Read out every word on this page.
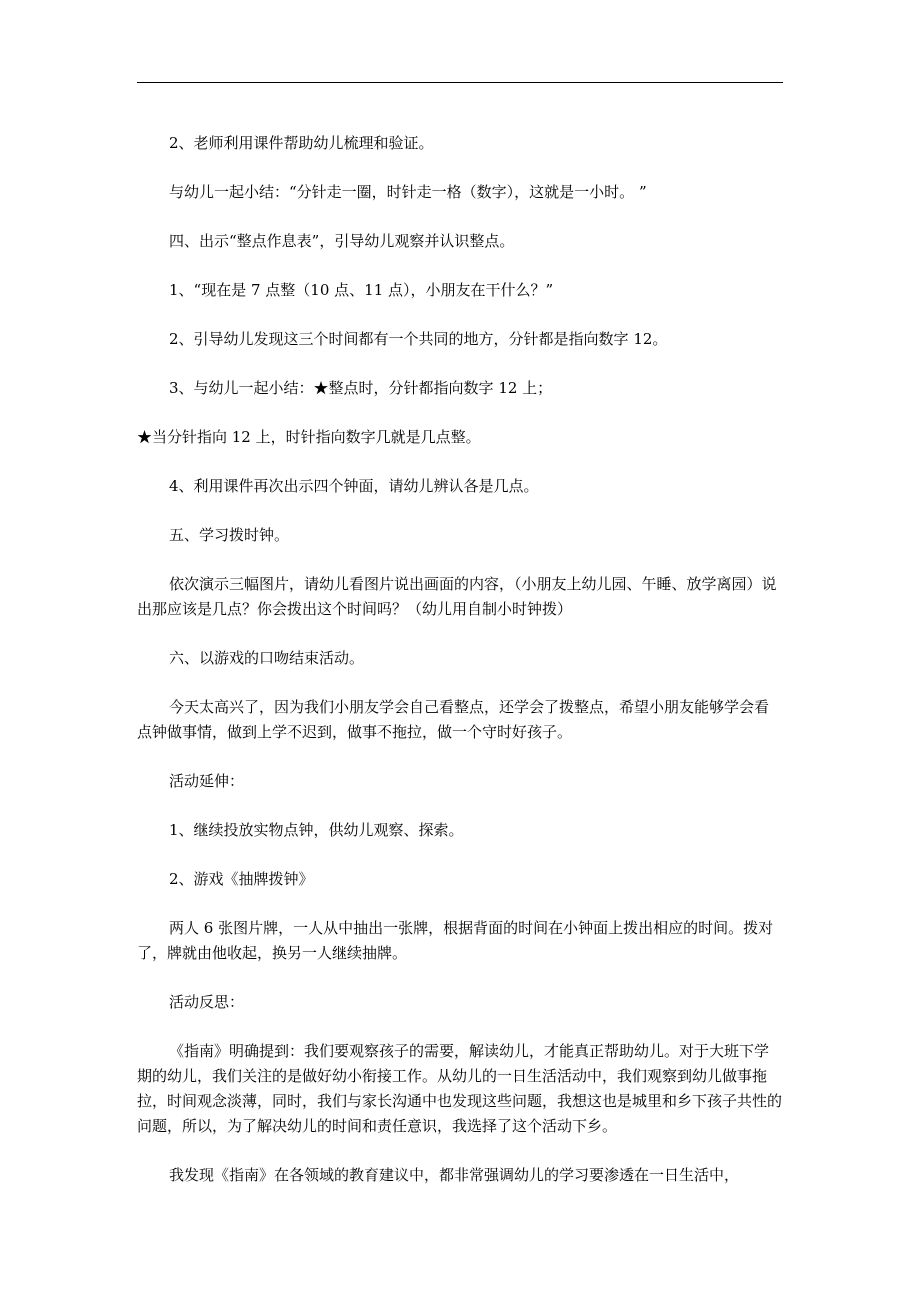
2、老师利用课件帮助幼儿梳理和验证。

与幼儿一起小结：“分针走一圈，时针走一格（数字），这就是一小时。 ”

四、出示“整点作息表”，引导幼儿观察并认识整点。

1、“现在是 7 点整（10 点、11 点），小朋友在干什么？”

2、引导幼儿发现这三个时间都有一个共同的地方，分针都是指向数字 12。

3、与幼儿一起小结：★整点时，分针都指向数字 12 上；

★当分针指向 12 上，时针指向数字几就是几点整。

4、利用课件再次出示四个钟面，请幼儿辨认各是几点。

五、学习拨时钟。

依次演示三幅图片，请幼儿看图片说出画面的内容，（小朋友上幼儿园、午睡、放学离园）说出那应该是几点？你会拨出这个时间吗？（幼儿用自制小时钟拨）

六、以游戏的口吻结束活动。

今天太高兴了，因为我们小朋友学会自己看整点，还学会了拨整点，希望小朋友能够学会看点钟做事情，做到上学不迟到，做事不拖拉，做一个守时好孩子。

活动延伸：

1、继续投放实物点钟，供幼儿观察、探索。

2、游戏《抽牌拨钟》

两人 6 张图片牌，一人从中抽出一张牌，根据背面的时间在小钟面上拨出相应的时间。拨对了，牌就由他收起，换另一人继续抽牌。

活动反思：

《指南》明确提到：我们要观察孩子的需要，解读幼儿，才能真正帮助幼儿。对于大班下学期的幼儿，我们关注的是做好幼小衔接工作。从幼儿的一日生活活动中，我们观察到幼儿做事拖拉，时间观念淡薄，同时，我们与家长沟通中也发现这些问题，我想这也是城里和乡下孩子共性的问题，所以，为了解决幼儿的时间和责任意识，我选择了这个活动下乡。

我发现《指南》在各领域的教育建议中，都非常强调幼儿的学习要渗透在一日生活中，
